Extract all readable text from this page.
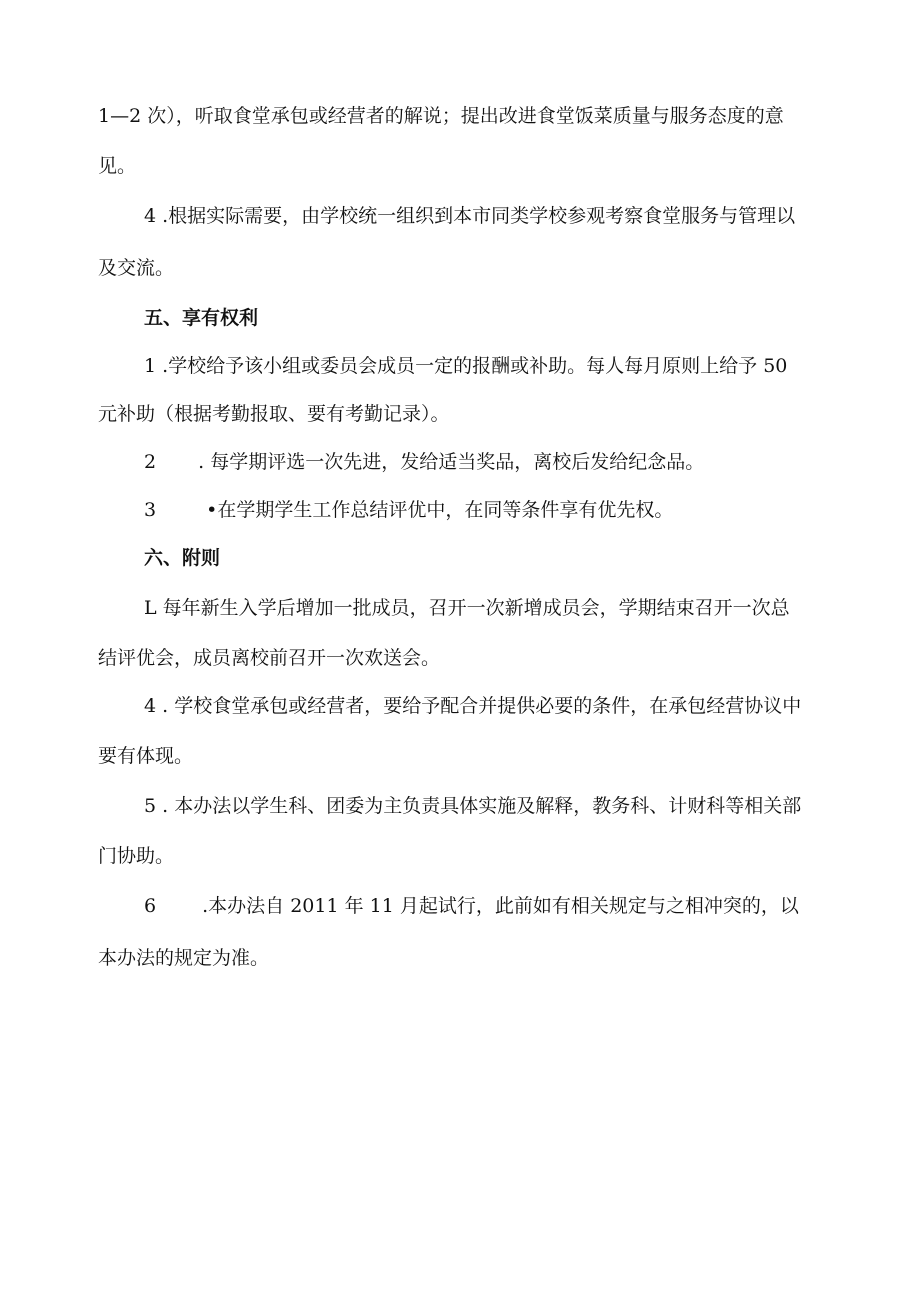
1—2 次），听取食堂承包或经营者的解说；提出改进食堂饭菜质量与服务态度的意
见。
4 .根据实际需要，由学校统一组织到本市同类学校参观考察食堂服务与管理以
及交流。
五、享有权利
1 .学校给予该小组或委员会成员一定的报酬或补助。每人每月原则上给予 50
元补助（根据考勤报取、要有考勤记录）。
2 . 每学期评选一次先进，发给适当奖品，离校后发给纪念品。
3	•在学期学生工作总结评优中，在同等条件享有优先权。
六、附则
L 每年新生入学后增加一批成员，召开一次新增成员会，学期结束召开一次总
结评优会，成员离校前召开一次欢送会。
4 . 学校食堂承包或经营者，要给予配合并提供必要的条件，在承包经营协议中
要有体现。
5 . 本办法以学生科、团委为主负责具体实施及解释，教务科、计财科等相关部
门协助。
6 .本办法自 2011 年 11 月起试行，此前如有相关规定与之相冲突的，以
本办法的规定为准。
